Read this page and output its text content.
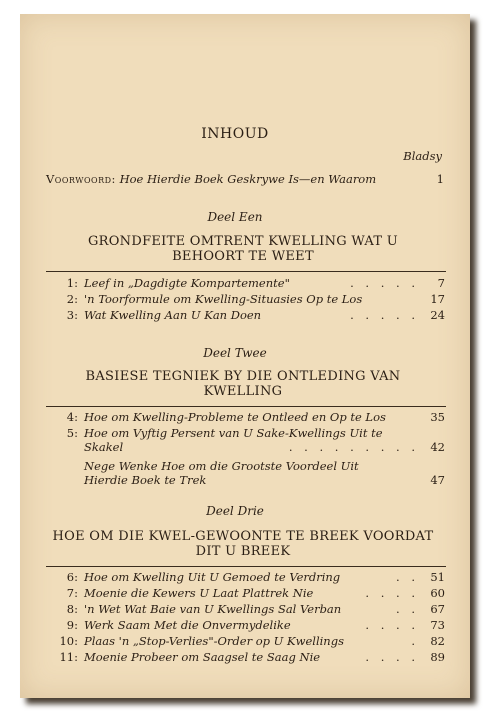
INHOUD
Bladsy
Voorwoord: Hoe Hierdie Boek Geskrywe Is—en Waarom	1
Deel Een
GRONDFEITE OMTRENT KWELLING WAT U BEHOORT TE WEET
1: Leef in „Dagdigte Kompartemente"	. . . . . 7
2: 'n Toorformule om Kwelling-Situasies Op te Los	17
3: Wat Kwelling Aan U Kan Doen	. . . . . 24
Deel Twee
BASIESE TEGNIEK BY DIE ONTLEDING VAN KWELLING
4: Hoe om Kwelling-Probleme te Ontleed en Op te Los	35
5: Hoe om Vyftig Persent van U Sake-Kwellings Uit te
Skakel	. . . . . . . . . 42
Nege Wenke Hoe om die Grootste Voordeel Uit
Hierdie Boek te Trek	47
Deel Drie
HOE OM DIE KWEL-GEWOONTE TE BREEK VOORDAT DIT U BREEK
6: Hoe om Kwelling Uit U Gemoed te Verdring	. . 51
7: Moenie die Kewers U Laat Plattrek Nie	. . . . 60
8: 'n Wet Wat Baie van U Kwellings Sal Verban	. . 67
9: Werk Saam Met die Onvermydelike	. . . . 73
10: Plaas 'n „Stop-Verlies"-Order op U Kwellings	. 82
11: Moenie Probeer om Saagsel te Saag Nie	. . . . 89
